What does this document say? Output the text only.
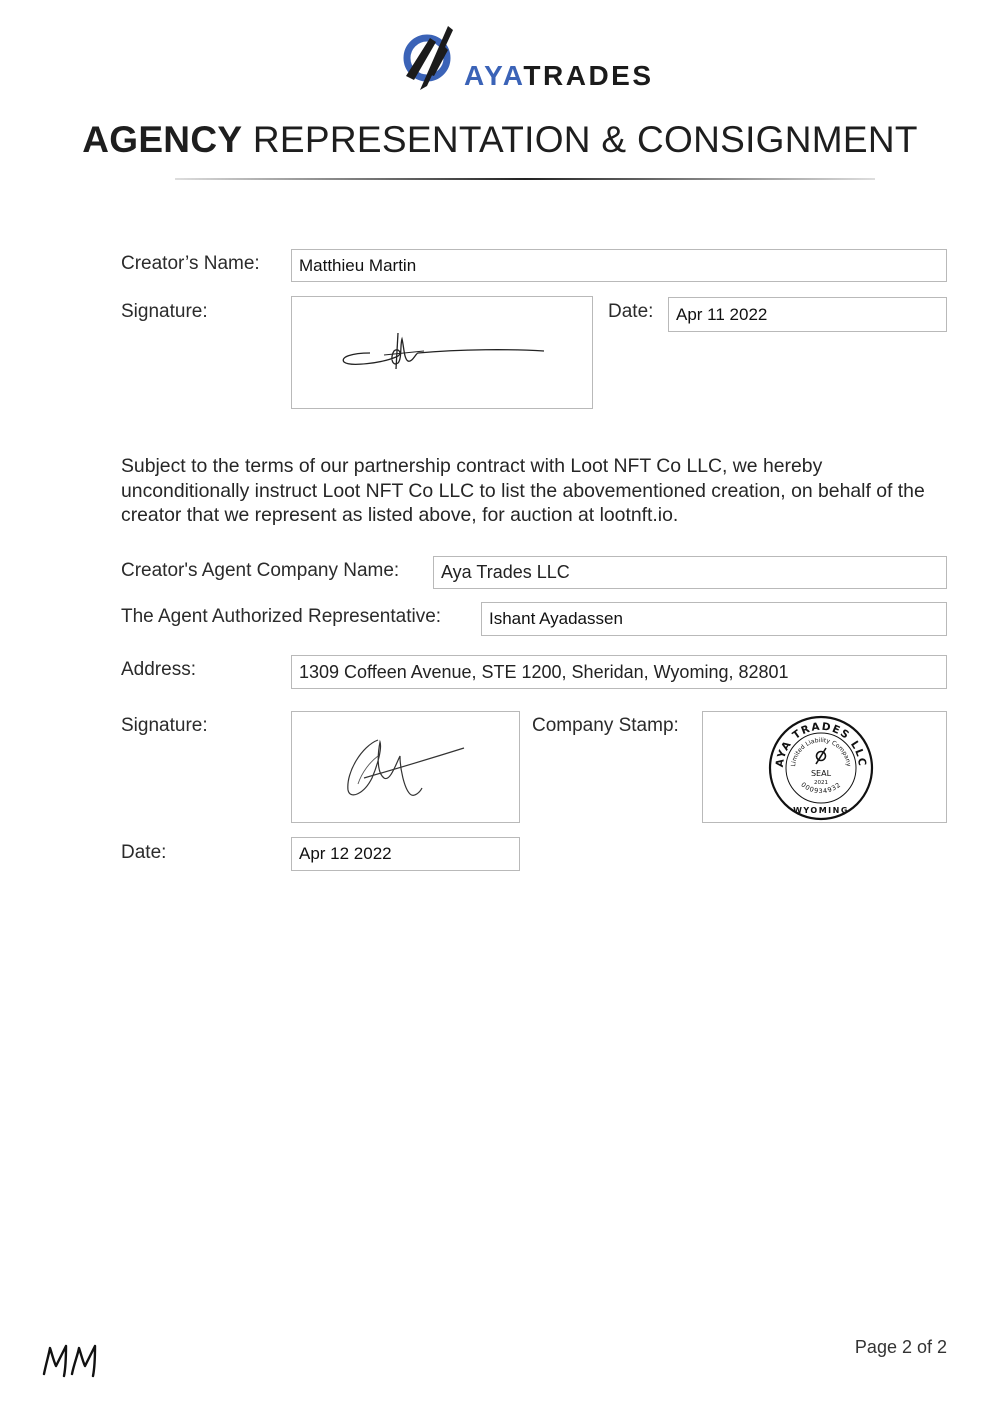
AYATRADES
AGENCY REPRESENTATION & CONSIGNMENT
Creator’s Name:	Matthieu Martin
Signature:	Date:	Apr 11 2022
Subject to the terms of our partnership contract with Loot NFT Co LLC, we hereby unconditionally instruct Loot NFT Co LLC to list the abovementioned creation, on behalf of the creator that we represent as listed above, for auction at lootnft.io.
Creator's Agent Company Name:	Aya Trades LLC
The Agent Authorized Representative:	Ishant Ayadassen
Address:	1309 Coffeen Avenue, STE 1200, Sheridan, Wyoming, 82801
Signature:	Company Stamp:
AYA TRADES LLC
Limited Liability Company
SEAL
2021
000934932
WYOMING
Date:	Apr 12 2022
Page 2 of 2
